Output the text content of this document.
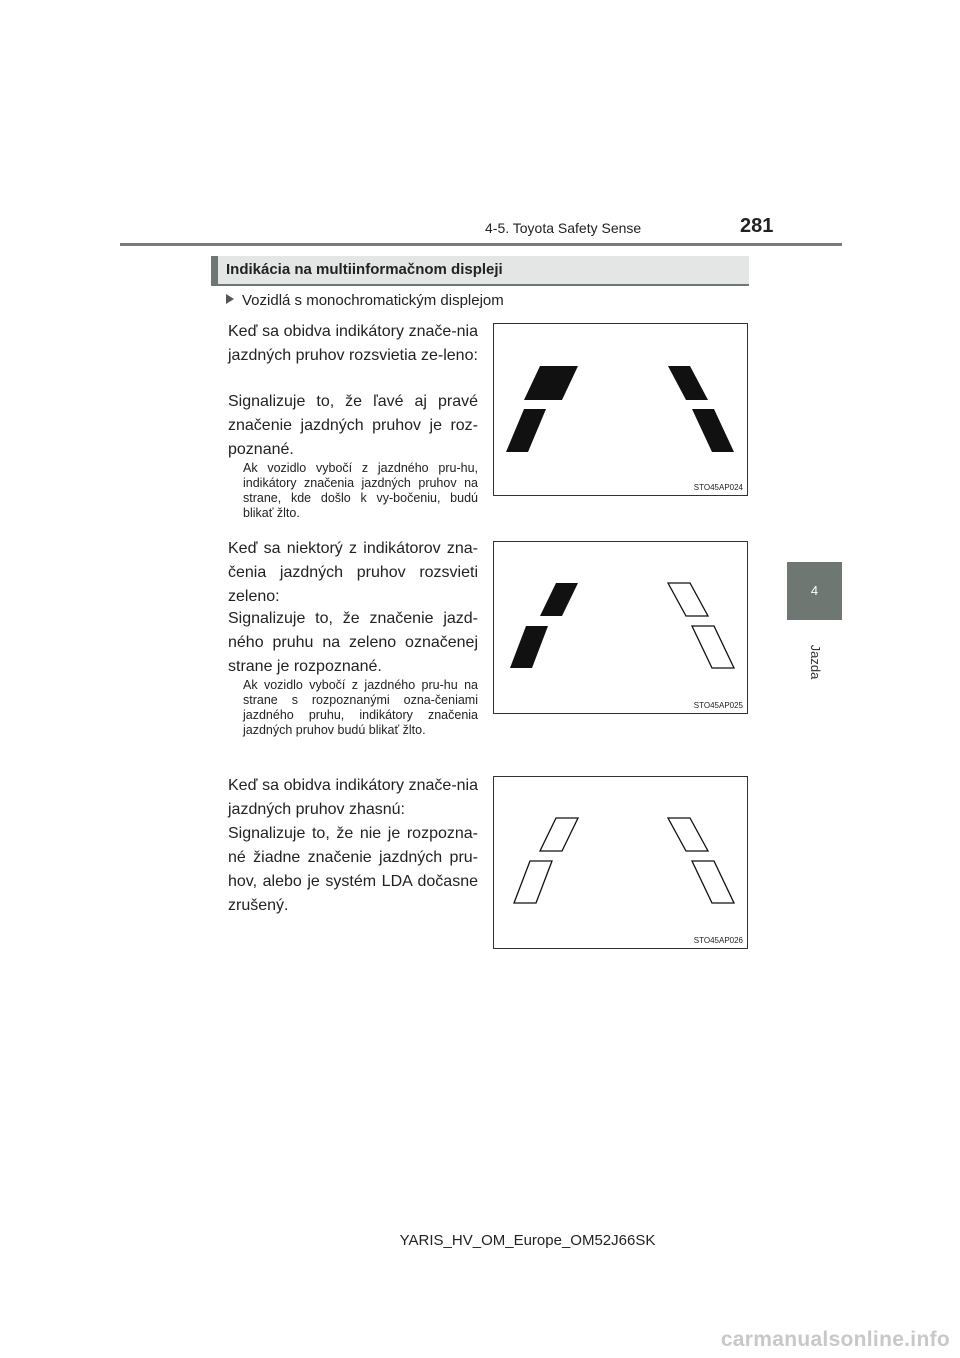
4-5. Toyota Safety Sense	281
4
Jazda
Indikácia na multiinformačnom displeji
Vozidlá s monochromatickým displejom

Keď sa obidva indikátory znače-nia jazdných pruhov rozsvietia ze-leno:

Signalizuje to, že ľavé aj pravé značenie jazdných pruhov je roz-poznané.

Ak vozidlo vybočí z jazdného pru-hu, indikátory značenia jazdných pruhov na strane, kde došlo k vy-bočeniu, budú blikať žlto.

STO45AP024

Keď sa niektorý z indikátorov zna-čenia jazdných pruhov rozsvieti zeleno:

Signalizuje to, že značenie jazd-ného pruhu na zeleno označenej strane je rozpoznané.

Ak vozidlo vybočí z jazdného pru-hu na strane s rozpoznanými ozna-čeniami jazdného pruhu, indikátory značenia jazdných pruhov budú blikať žlto.

STO45AP025

Keď sa obidva indikátory znače-nia jazdných pruhov zhasnú:

Signalizuje to, že nie je rozpozna-né žiadne značenie jazdných pru-hov, alebo je systém LDA dočasne zrušený.

STO45AP026
YARIS_HV_OM_Europe_OM52J66SK
carmanualsonline.info
